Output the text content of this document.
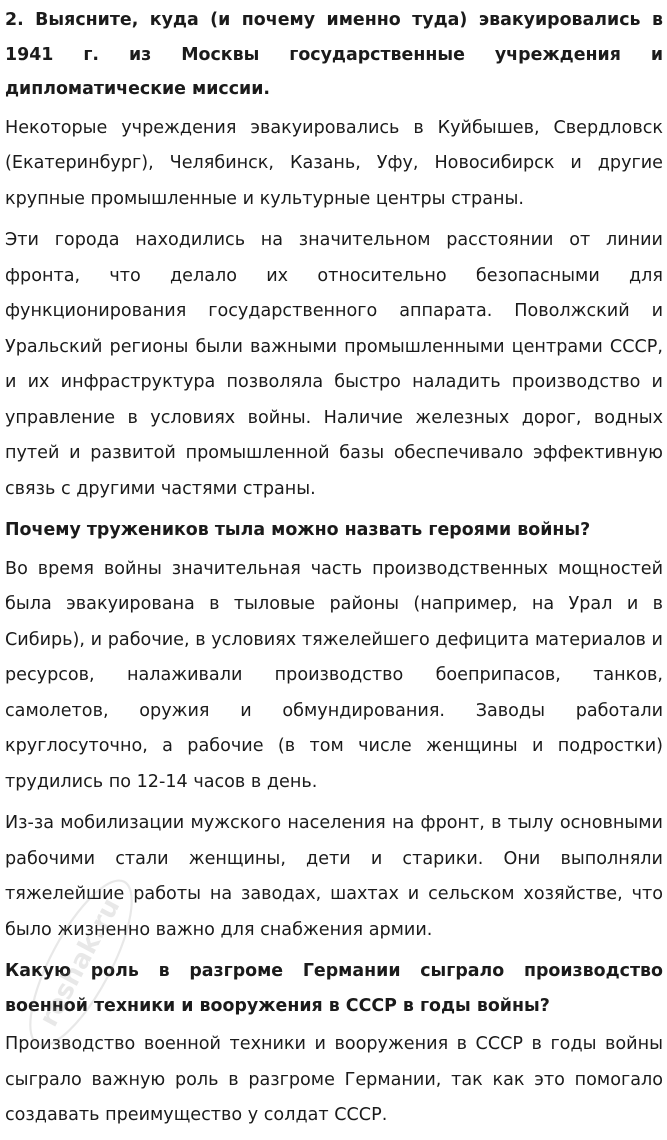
2. Выясните, куда (и почему именно туда) эвакуировались в 1941 г. из Москвы государственные учреждения и дипломатические миссии.

Некоторые учреждения эвакуировались в Куйбышев, Свердловск (Екатеринбург), Челябинск, Казань, Уфу, Новосибирск и другие крупные промышленные и культурные центры страны.

Эти города находились на значительном расстоянии от линии фронта, что делало их относительно безопасными для функционирования государственного аппарата. Поволжский и Уральский регионы были важными промышленными центрами СССР, и их инфраструктура позволяла быстро наладить производство и управление в условиях войны. Наличие железных дорог, водных путей и развитой промышленной базы обеспечивало эффективную связь с другими частями страны.

Почему тружеников тыла можно назвать героями войны?

Во время войны значительная часть производственных мощностей была эвакуирована в тыловые районы (например, на Урал и в Сибирь), и рабочие, в условиях тяжелейшего дефицита материалов и ресурсов, налаживали производство боеприпасов, танков, самолетов, оружия и обмундирования. Заводы работали круглосуточно, а рабочие (в том числе женщины и подростки) трудились по 12-14 часов в день.

Из-за мобилизации мужского населения на фронт, в тылу основными рабочими стали женщины, дети и старики. Они выполняли тяжелейшие работы на заводах, шахтах и сельском хозяйстве, что было жизненно важно для снабжения армии.

Какую роль в разгроме Германии сыграло производство военной техники и вооружения в СССР в годы войны?

Производство военной техники и вооружения в СССР в годы войны сыграло важную роль в разгроме Германии, так как это помогало создавать преимущество у солдат СССР.

reshak.ru
